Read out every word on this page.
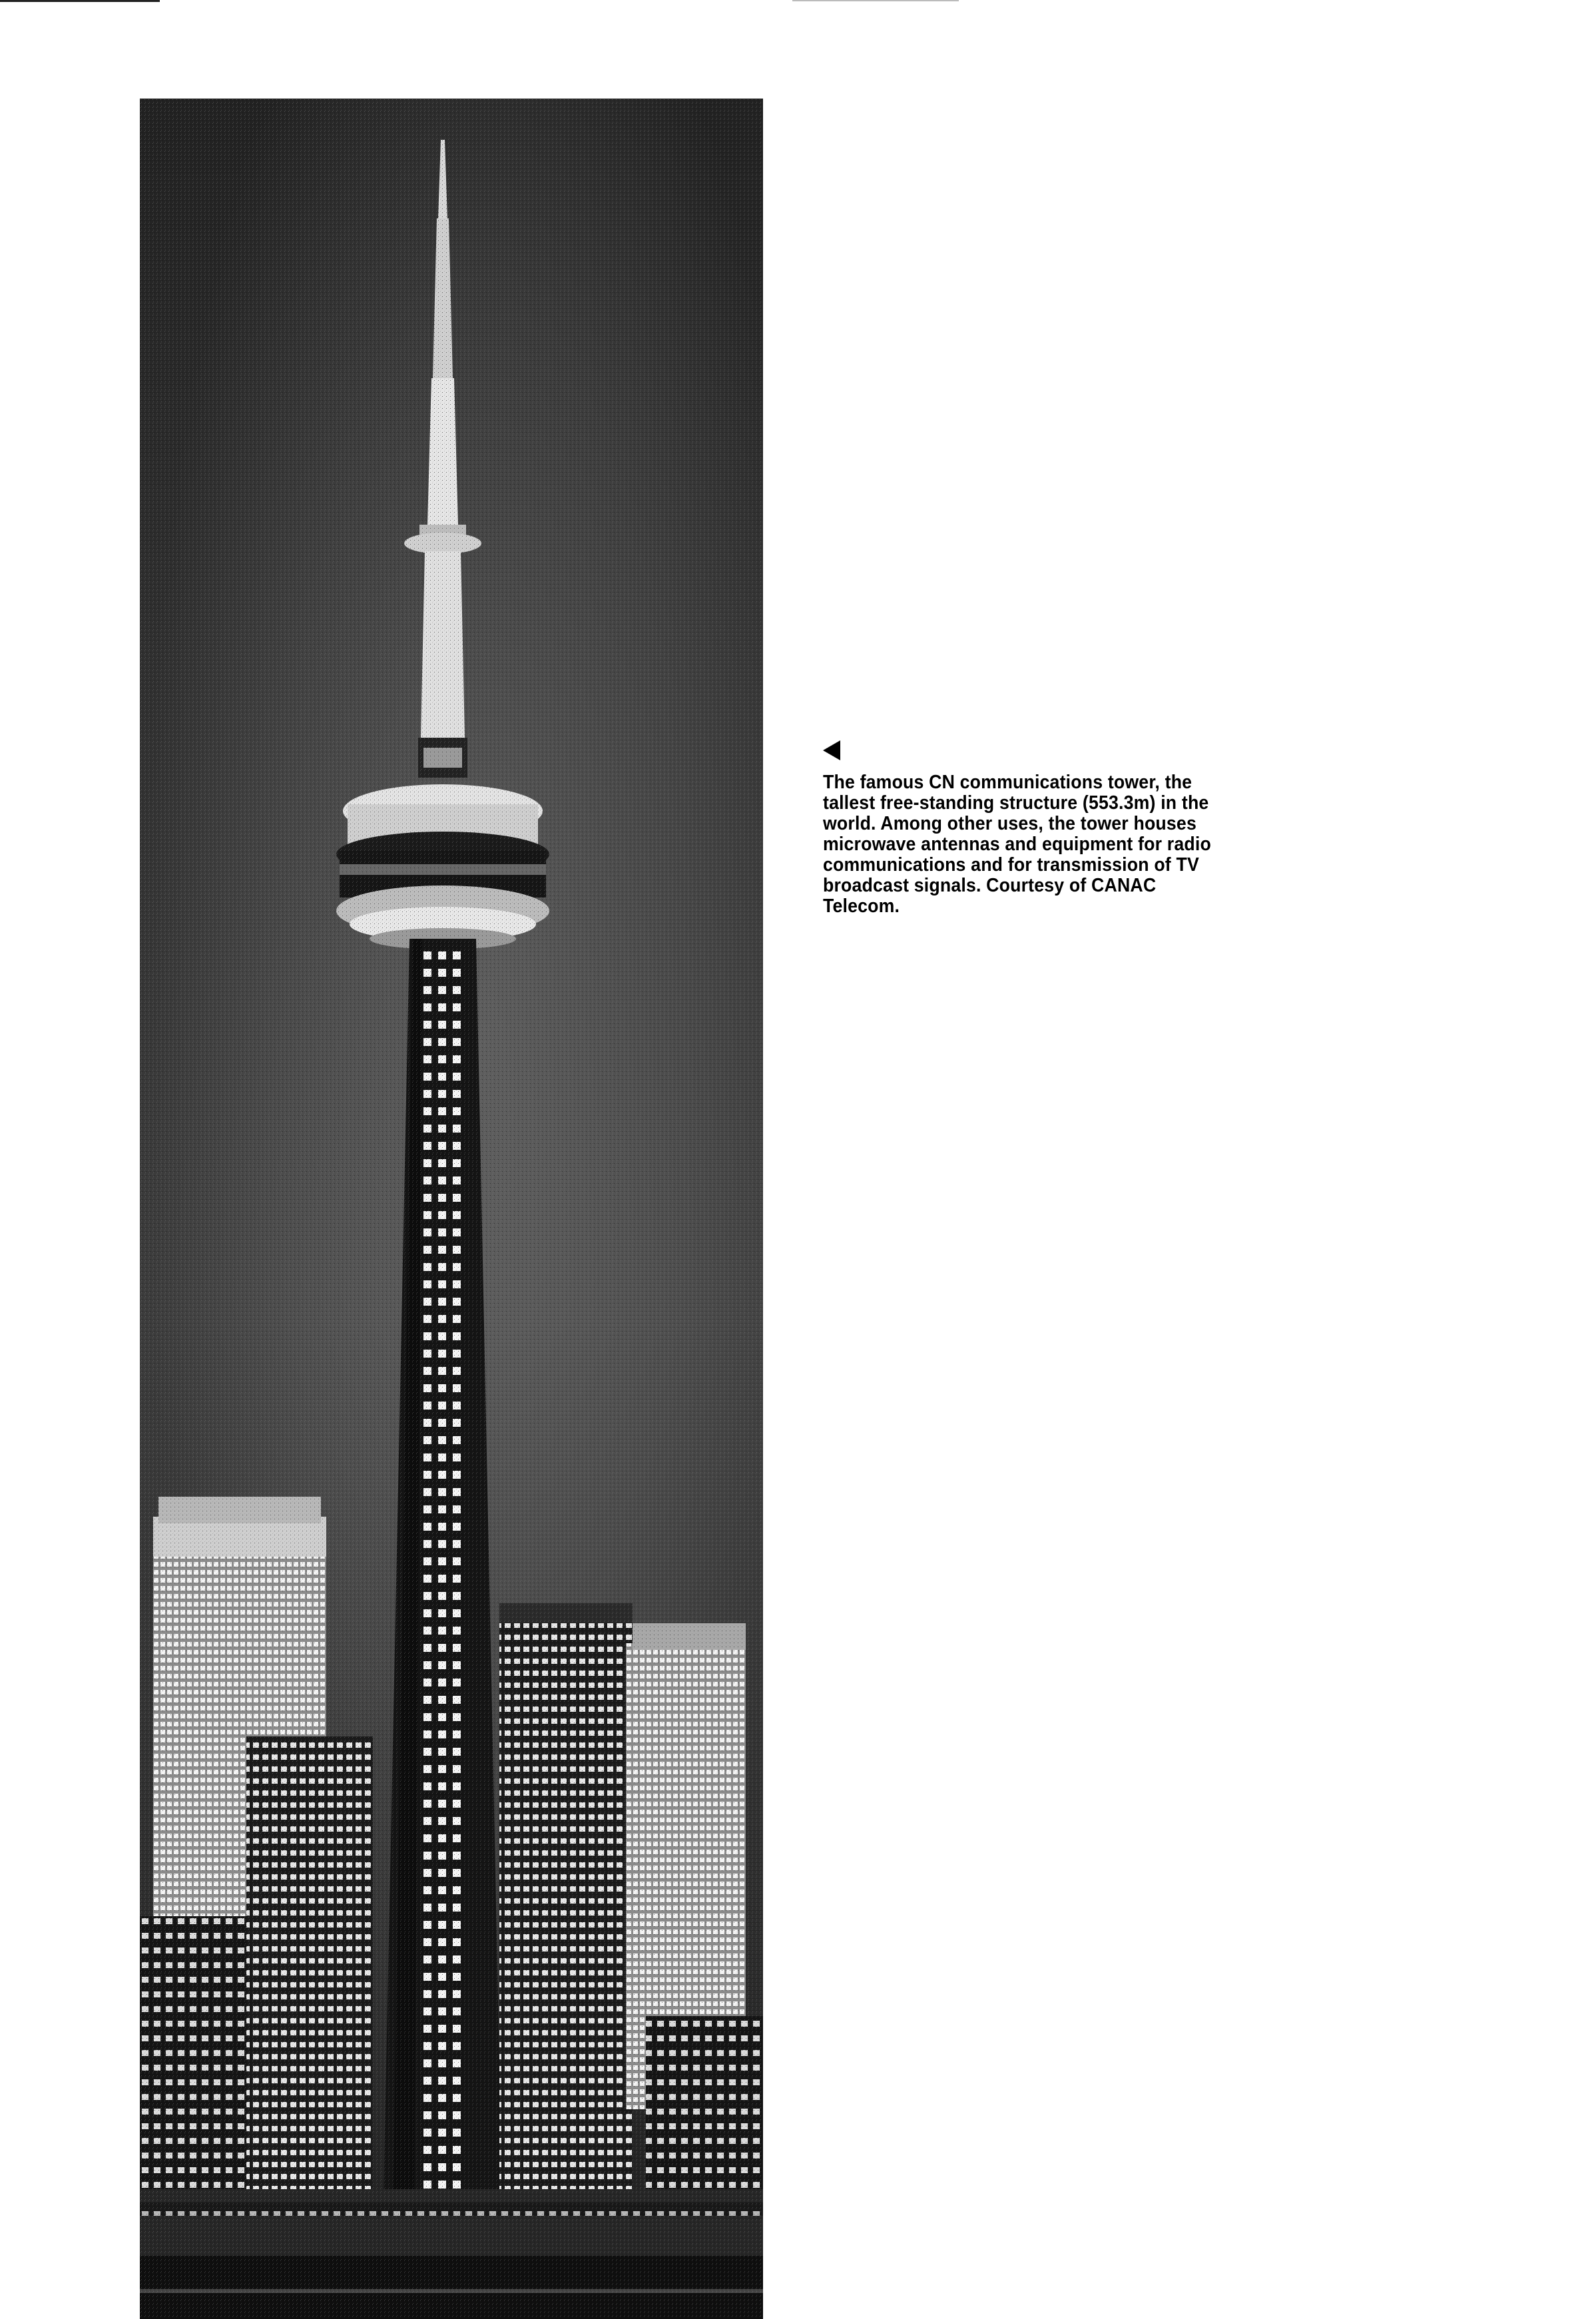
The famous CN communications tower, the tallest free-standing structure (553.3m) in the world. Among other uses, the tower houses microwave antennas and equipment for radio communications and for transmission of TV broadcast signals. Courtesy of CANAC Telecom.
